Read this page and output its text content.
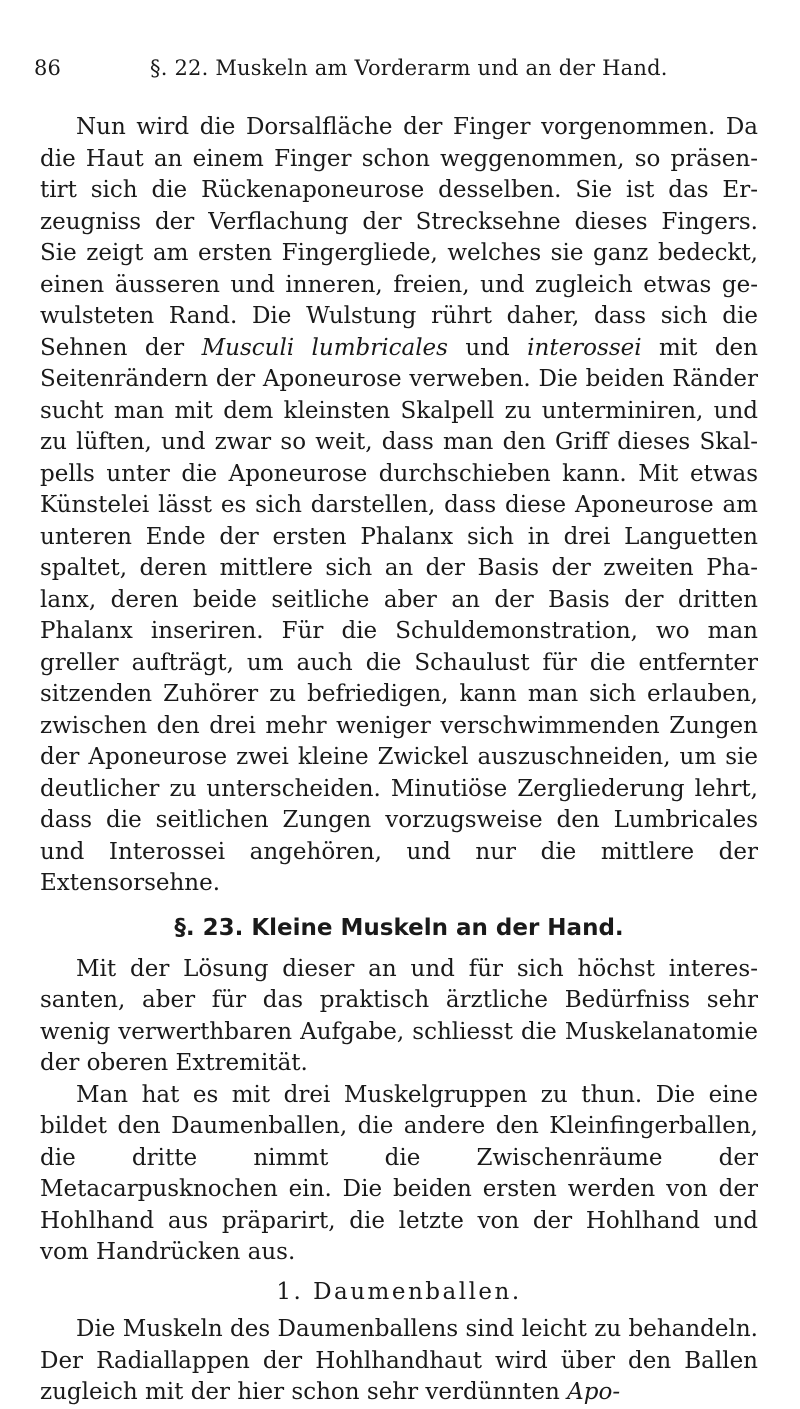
86	§. 22. Muskeln am Vorderarm und an der Hand.

Nun wird die Dorsalfläche der Finger vorgenommen. Da die Haut an einem Finger schon weggenommen, so präsentirt sich die Rückenaponeurose desselben. Sie ist das Erzeugniss der Verflachung der Strecksehne dieses Fingers. Sie zeigt am ersten Fingergliede, welches sie ganz bedeckt, einen äusseren und inneren, freien, und zugleich etwas gewulsteten Rand. Die Wulstung rührt daher, dass sich die Sehnen der Musculi lumbricales und interossei mit den Seitenrändern der Aponeurose verweben. Die beiden Ränder sucht man mit dem kleinsten Skalpell zu unterminiren, und zu lüften, und zwar so weit, dass man den Griff dieses Skalpells unter die Aponeurose durchschieben kann. Mit etwas Künstelei lässt es sich darstellen, dass diese Aponeurose am unteren Ende der ersten Phalanx sich in drei Languetten spaltet, deren mittlere sich an der Basis der zweiten Phalanx, deren beide seitliche aber an der Basis der dritten Phalanx inseriren. Für die Schuldemonstration, wo man greller aufträgt, um auch die Schaulust für die entfernter sitzenden Zuhörer zu befriedigen, kann man sich erlauben, zwischen den drei mehr weniger verschwimmenden Zungen der Aponeurose zwei kleine Zwickel auszuschneiden, um sie deutlicher zu unterscheiden. Minutiöse Zergliederung lehrt, dass die seitlichen Zungen vorzugsweise den Lumbricales und Interossei angehören, und nur die mittlere der Extensorsehne.

§. 23. Kleine Muskeln an der Hand.

Mit der Lösung dieser an und für sich höchst interessanten, aber für das praktisch ärztliche Bedürfniss sehr wenig verwerthbaren Aufgabe, schliesst die Muskelanatomie der oberen Extremität.

Man hat es mit drei Muskelgruppen zu thun. Die eine bildet den Daumenballen, die andere den Kleinfingerballen, die dritte nimmt die Zwischenräume der Metacarpusknochen ein. Die beiden ersten werden von der Hohlhand aus präparirt, die letzte von der Hohlhand und vom Handrücken aus.

1. Daumenballen.

Die Muskeln des Daumenballens sind leicht zu behandeln. Der Radiallappen der Hohlhandhaut wird über den Ballen zugleich mit der hier schon sehr verdünnten Apo-
